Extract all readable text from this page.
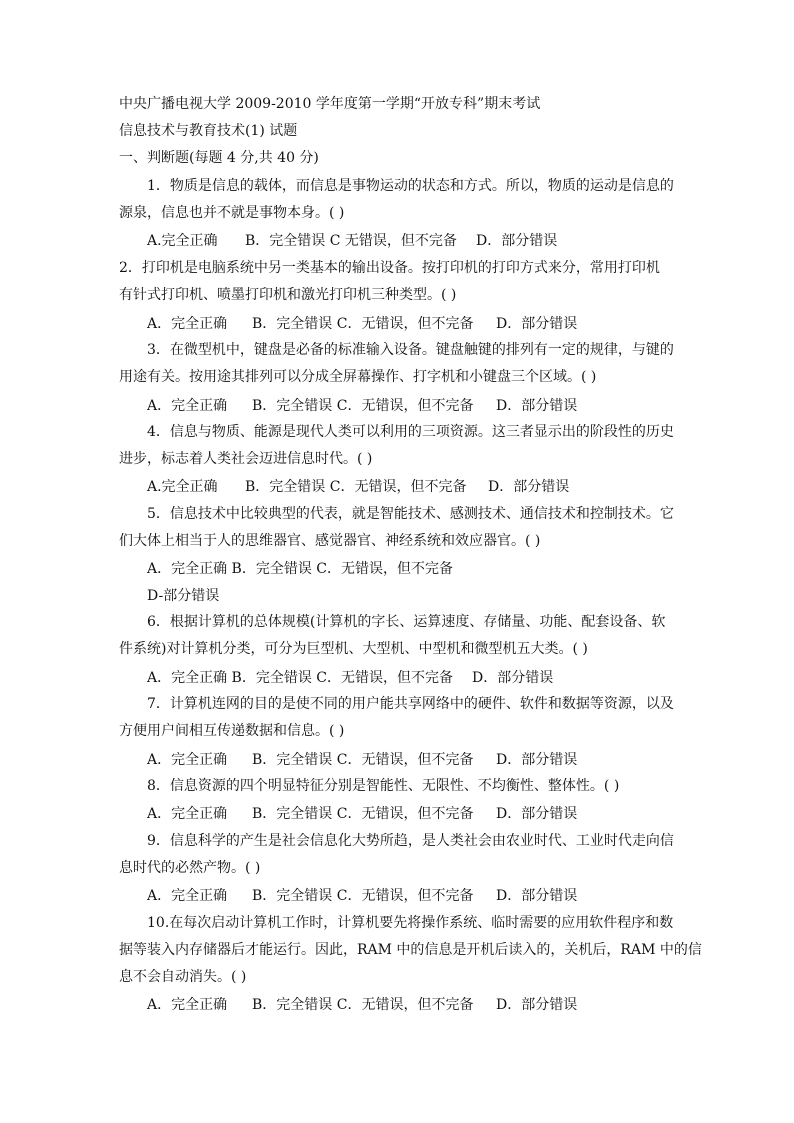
中央广播电视大学 2009-2010 学年度第一学期“开放专科”期末考试
信息技术与教育技术(1) 试题
一、判断题(每题 4 分,共 40 分)
1．物质是信息的载体，而信息是事物运动的状态和方式。所以，物质的运动是信息的
源泉，信息也并不就是事物本身。( )
A.完全正确 B．完全错误 C 无错误，但不完备 D．部分错误
2．打印机是电脑系统中另一类基本的输出设备。按打印机的打印方式来分，常用打印机
有针式打印机、喷墨打印机和激光打印机三种类型。( )
A．完全正确 B．完全错误 C．无错误，但不完备 D．部分错误
3．在微型机中，键盘是必备的标准输入设备。键盘触键的排列有一定的规律，与键的
用途有关。按用途其排列可以分成全屏幕操作、打字机和小键盘三个区域。( )
A．完全正确 B．完全错误 C．无错误，但不完备 D．部分错误
4．信息与物质、能源是现代人类可以利用的三项资源。这三者显示出的阶段性的历史
进步，标志着人类社会迈进信息时代。( )
A.完全正确 B．完全错误 C．无错误，但不完备 D．部分错误
5．信息技术中比较典型的代表，就是智能技术、感测技术、通信技术和控制技术。它
们大体上相当于人的思维器官、感觉器官、神经系统和效应器官。( )
A．完全正确 B．完全错误 C．无错误，但不完备
D-部分错误
6．根据计算机的总体规模(计算机的字长、运算速度、存储量、功能、配套设备、软
件系统)对计算机分类，可分为巨型机、大型机、中型机和微型机五大类。( )
A．完全正确 B．完全错误 C．无错误，但不完备 D．部分错误
7．计算机连网的目的是使不同的用户能共享网络中的硬件、软件和数据等资源，以及
方便用户间相互传递数据和信息。( )
A．完全正确 B．完全错误 C．无错误，但不完备 D．部分错误
8．信息资源的四个明显特征分别是智能性、无限性、不均衡性、整体性。( )
A．完全正确 B．完全错误 C．无错误，但不完备 D．部分错误
9．信息科学的产生是社会信息化大势所趋，是人类社会由农业时代、工业时代走向信
息时代的必然产物。( )
A．完全正确 B．完全错误 C．无错误，但不完备 D．部分错误
10.在每次启动计算机工作时，计算机要先将操作系统、临时需要的应用软件程序和数
据等装入内存储器后才能运行。因此，RAM 中的信息是开机后读入的，关机后，RAM 中的信
息不会自动消失。( )
A．完全正确 B．完全错误 C．无错误，但不完备 D．部分错误
